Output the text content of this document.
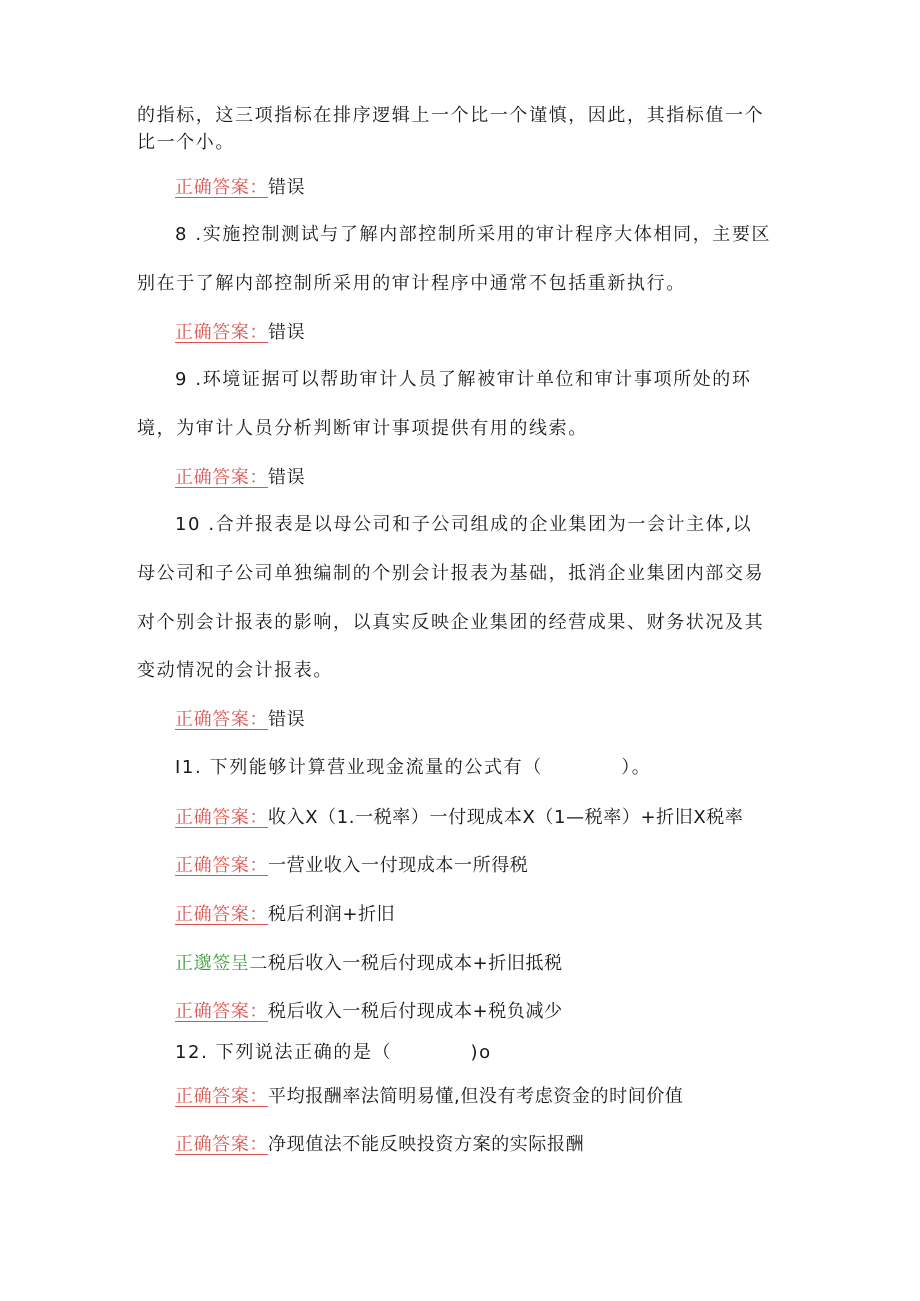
的指标，这三项指标在排序逻辑上一个比一个谨慎，因此，其指标值一个
比一个小。
正确答案：错误
8 .实施控制测试与了解内部控制所采用的审计程序大体相同，主要区
别在于了解内部控制所采用的审计程序中通常不包括重新执行。
正确答案：错误
9 .环境证据可以帮助审计人员了解被审计单位和审计事项所处的环
境，为审计人员分析判断审计事项提供有用的线索。
正确答案：错误
10 .合并报表是以母公司和子公司组成的企业集团为一会计主体,以
母公司和子公司单独编制的个别会计报表为基础，抵消企业集团内部交易
对个别会计报表的影响，以真实反映企业集团的经营成果、财务状况及其
变动情况的会计报表。
正确答案：错误
I1. 下列能够计算营业现金流量的公式有（　　　　）。
正确答案：收入X（1.一税率）一付现成本X（1—税率）+折旧X税率
正确答案：一营业收入一付现成本一所得税
正确答案：税后利润+折旧
正邈签呈二税后收入一税后付现成本+折旧抵税
正确答案：税后收入一税后付现成本+税负减少
12. 下列说法正确的是（　　　　)o
正确答案：平均报酬率法简明易懂,但没有考虑资金的时间价值
正确答案：净现值法不能反映投资方案的实际报酬
